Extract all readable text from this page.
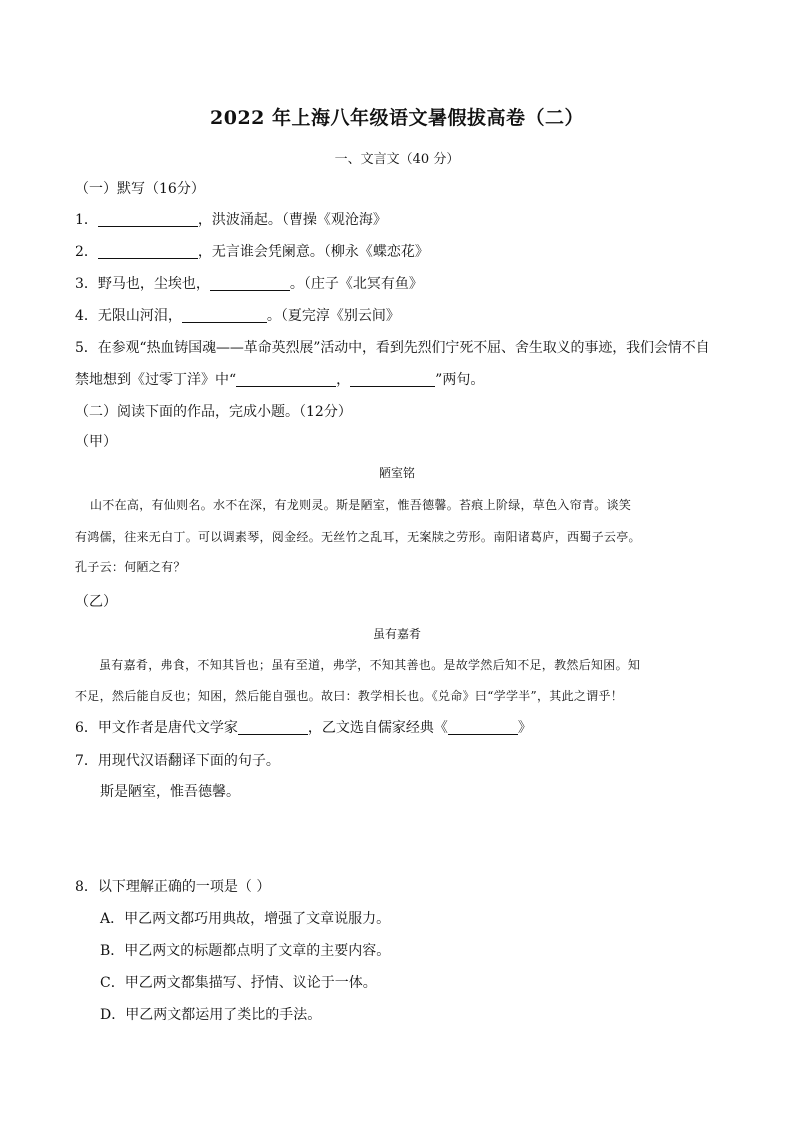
2022 年上海八年级语文暑假拔高卷（二）
一、文言文（40 分）
（一）默写（16分）
1．	，洪波涌起。（曹操《观沧海》
2．	，无言谁会凭阑意。（柳永《蝶恋花》
3．野马也，尘埃也，	。（庄子《北冥有鱼》
4．无限山河泪，	。（夏完淳《别云间》
5．在参观“热血铸国魂——革命英烈展”活动中，看到先烈们宁死不屈、舍生取义的事迹，我们会情不自
禁地想到《过零丁洋》中“	，	”两句。
（二）阅读下面的作品，完成小题。（12分）
（甲）
陋室铭
山不在高，有仙则名。水不在深，有龙则灵。斯是陋室，惟吾德馨。苔痕上阶绿，草色入帘青。谈笑
有鸿儒，往来无白丁。可以调素琴，阅金经。无丝竹之乱耳，无案牍之劳形。南阳诸葛庐，西蜀子云亭。
孔子云：何陋之有？
（乙）
虽有嘉肴
虽有嘉肴，弗食，不知其旨也；虽有至道，弗学，不知其善也。是故学然后知不足，教然后知困。知
不足，然后能自反也；知困，然后能自强也。故曰：教学相长也。《兑命》曰“学学半”，其此之谓乎！
6．甲文作者是唐代文学家	，乙文选自儒家经典《	》
7．用现代汉语翻译下面的句子。
斯是陋室，惟吾德馨。
8．以下理解正确的一项是（ ）
A．甲乙两文都巧用典故，增强了文章说服力。
B．甲乙两文的标题都点明了文章的主要内容。
C．甲乙两文都集描写、抒情、议论于一体。
D．甲乙两文都运用了类比的手法。
